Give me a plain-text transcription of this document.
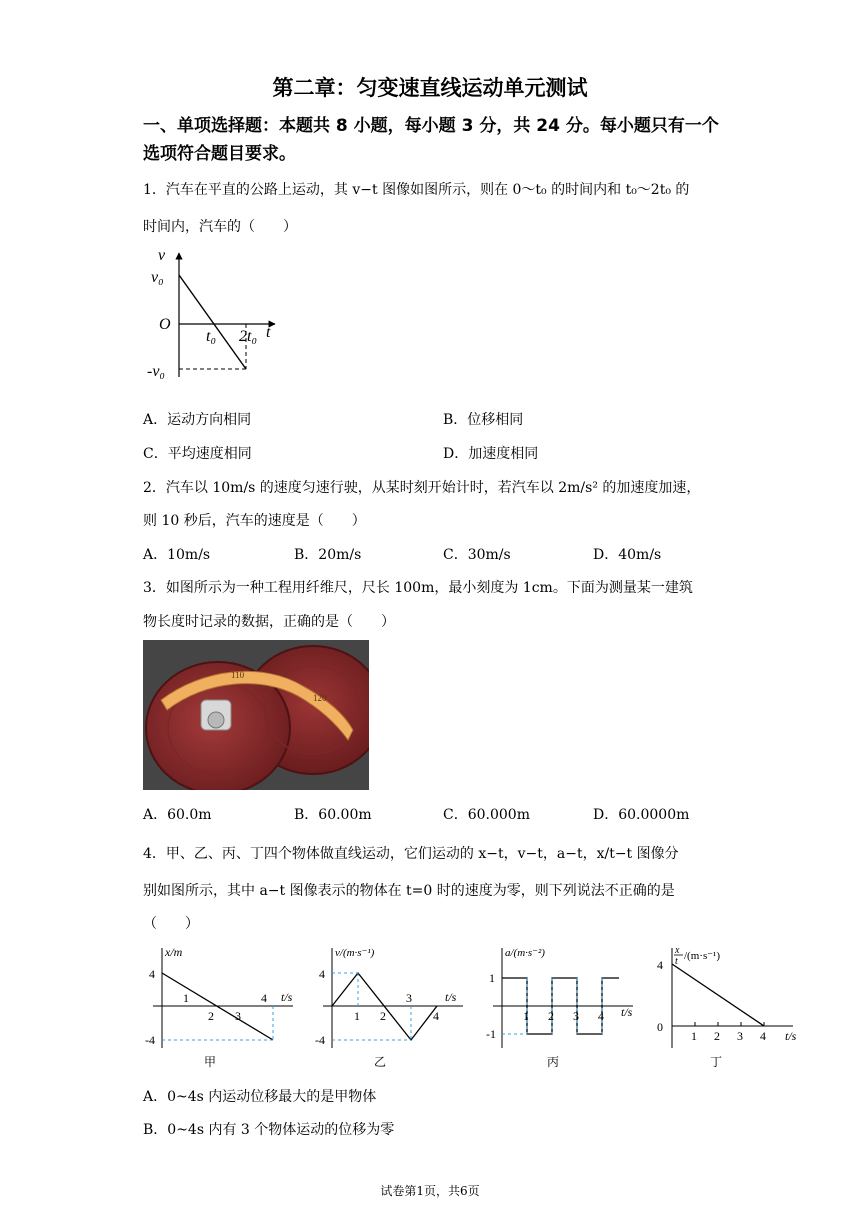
第二章：匀变速直线运动单元测试
一、单项选择题：本题共 8 小题，每小题 3 分，共 24 分。每小题只有一个
选项符合题目要求。
1．汽车在平直的公路上运动，其 v−t 图像如图所示，则在 0～t₀ 的时间内和 t₀～2t₀ 的
时间内，汽车的（　　）
v
v₀
O
t₀ 2t₀ t
-v₀
A．运动方向相同	B．位移相同
C．平均速度相同	D．加速度相同
2．汽车以 10m/s 的速度匀速行驶，从某时刻开始计时，若汽车以 2m/s² 的加速度加速，
则 10 秒后，汽车的速度是（　　）
A．10m/s	B．20m/s	C．30m/s	D．40m/s
3．如图所示为一种工程用纤维尺，尺长 100m，最小刻度为 1cm。下面为测量某一建筑
物长度时记录的数据，正确的是（　　）
110
120
A．60.0m	B．60.00m	C．60.000m	D．60.0000m
4．甲、乙、丙、丁四个物体做直线运动，它们运动的 x−t，v−t，a−t，x/t−t 图像分
别如图所示，其中 a−t 图像表示的物体在 t=0 时的速度为零，则下列说法不正确的是
（　　）
x/m
t/s
4
-4
1
2 3
4
甲
v/(m·s⁻¹)
t/s
4
-4
1 2
3
4
乙
a/(m·s⁻²)
t/s
1
-1
1 2 3 4
丙
x
t /(m·s⁻¹)
t/s
4
0
1 2 3 4
丁
A．0~4s 内运动位移最大的是甲物体
B．0~4s 内有 3 个物体运动的位移为零
试卷第1页，共6页
